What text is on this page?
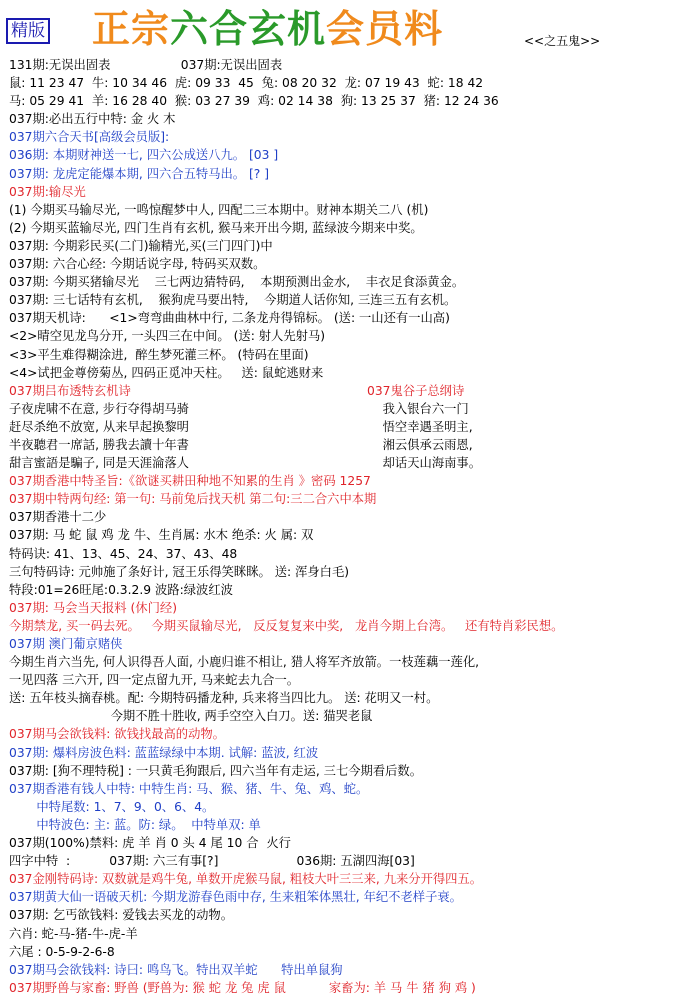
精版 正宗六合玄机会员料	<<之五鬼>>
131期:无误出固表                  037期:无误出固表
鼠: 11 23 47  牛: 10 34 46  虎: 09 33  45  兔: 08 20 32  龙: 07 19 43  蛇: 18 42
马: 05 29 41  羊: 16 28 40  猴: 03 27 39  鸡: 02 14 38  狗: 13 25 37  猪: 12 24 36
037期:必出五行中特: 金 火 木
037期六合天书[高级会员版]:
036期: 本期财神送一七, 四六公成送八九。 [03 ]
037期: 龙虎定能爆本期, 四六合五特马出。 [? ]
037期:输尽光
(1) 今期买马输尽光, 一鸣惊醒梦中人, 四配二三本期中。财神本期关二八 (机)
(2) 今期买蓝输尽光, 四门生肖有玄机, 猴马来开出今期, 蓝绿波今期来中奖。
037期: 今期彩民买(二门)输精光,买(三门四门)中
037期: 六合心经: 今期话说字母, 特码买双数。
037期: 今期买猪输尽光    三七两边猜特码,    本期预测出金水,    丰衣足食添黄金。
037期: 三七话特有玄机,    猴狗虎马要出特,    今期道人话你知, 三连三五有玄机。
037期天机诗:      <1>弯弯曲曲林中行, 二条龙舟得锦标。 (送: 一山还有一山高)
<2>晴空见龙鸟分开, 一头四三在中间。 (送: 射人先射马)
<3>平生难得糊涂进,  醉生梦死灌三杯。 (特码在里面)
<4>试把金尊傍菊丛, 四码正觅冲天柱。   送: 鼠蛇逃财来
037期吕布透特玄机诗	037鬼谷子总纲诗
子夜虎啸不在意, 步行夺得胡马骑	我入银台六一门
赶尽杀绝不放宽, 从来早起换黎明	悟空幸遇圣明主,
半夜聽君一席話, 勝我去讀十年書	湘云俱承云雨恩,
甜言蜜語是騙子, 同是天涯淪落人	却话天山海南事。
037期香港中特圣旨:《欲谜买耕田种地不知累的生肖 》密码 1257
037期中特两句经: 第一句: 马前兔后找天机 第二句:三二合六中本期
037期香港十二少
037期: 马 蛇 鼠 鸡 龙 牛、生肖属: 水木 绝杀: 火 属: 双
特码诀: 41、13、45、24、37、43、48
三句特码诗: 元帅施了条好计, 冠王乐得笑眯眯。 送: 浑身白毛)
特段:01=26旺尾:0.3.2.9 波路:绿波红波
037期: 马会当天报料 (休门经)
今期禁龙, 买一码去死。   今期买鼠输尽光,   反反复复来中奖,   龙肖今期上台湾。   还有特肖彩民想。
037期 澳门葡京赌侠
今期生肖六当先, 何人识得吾人面, 小鹿归谁不相让, 猎人将军齐放箭。一枝莲藕一莲化,
一见四落 三六开, 四一定点留九开, 马来蛇去九合一。
送: 五年枝头摘春桃。配: 今期特码播龙种, 兵来将当四比九。 送: 花明又一村。
今期不胜十胜收, 两手空空入白刀。送: 猫哭老鼠
037期马会欲钱料: 欲钱找最高的动物。
037期: 爆料房波色料: 蓝蓝绿绿中本期. 试解: 蓝波, 红波
037期: [狗不理特税] : 一只黄毛狗跟后, 四六当年有走运, 三七今期看后数。
037期香港有钱人中特: 中特生肖: 马、猴、猪、牛、兔、鸡、蛇。
中特尾数: 1、7、9、0、6、4。
中特波色: 主: 蓝。防: 绿。  中特单双: 单
037期(100%)禁料: 虎 羊 肖 0 头 4 尾 10 合  火行
四字中特  :          037期: 六三有事[?]                    036期: 五湖四海[03]
037金刚特码诗: 双数就是鸡牛兔, 单数开虎猴马鼠, 粗枝大叶三三来, 九来分开得四五。
037期黄大仙一语破天机: 今期龙游春色雨中存, 生来粗笨体黑壮, 年纪不老样子衰。
037期: 乞丐欲钱料: 爱钱去买龙的动物。
六肖: 蛇-马-猪-牛-虎-羊
六尾 : 0-5-9-2-6-8
037期马会欲钱料: 诗曰: 鸣鸟飞。特出双羊蛇      特出单鼠狗
037期野兽与家畜: 野兽 (野兽为: 猴 蛇 龙 兔 虎 鼠           家畜为: 羊 马 牛 猪 狗 鸡 )
